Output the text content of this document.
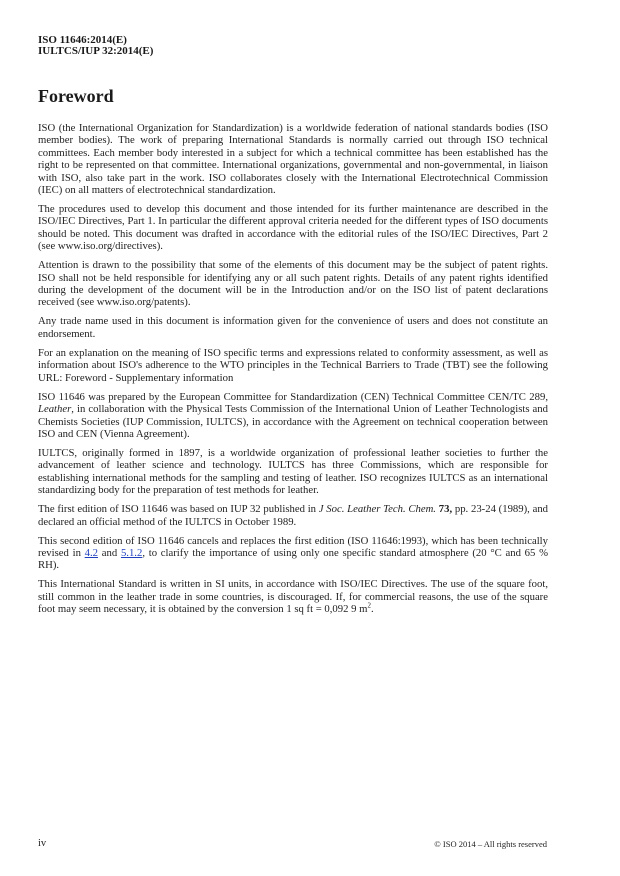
ISO 11646:2014(E)
IULTCS/IUP 32:2014(E)
Foreword

ISO (the International Organization for Standardization) is a worldwide federation of national standards bodies (ISO member bodies). The work of preparing International Standards is normally carried out through ISO technical committees. Each member body interested in a subject for which a technical committee has been established has the right to be represented on that committee. International organizations, governmental and non-governmental, in liaison with ISO, also take part in the work. ISO collaborates closely with the International Electrotechnical Commission (IEC) on all matters of electrotechnical standardization.

The procedures used to develop this document and those intended for its further maintenance are described in the ISO/IEC Directives, Part 1. In particular the different approval criteria needed for the different types of ISO documents should be noted. This document was drafted in accordance with the editorial rules of the ISO/IEC Directives, Part 2 (see www.iso.org/directives).

Attention is drawn to the possibility that some of the elements of this document may be the subject of patent rights. ISO shall not be held responsible for identifying any or all such patent rights. Details of any patent rights identified during the development of the document will be in the Introduction and/or on the ISO list of patent declarations received (see www.iso.org/patents).

Any trade name used in this document is information given for the convenience of users and does not constitute an endorsement.

For an explanation on the meaning of ISO specific terms and expressions related to conformity assessment, as well as information about ISO's adherence to the WTO principles in the Technical Barriers to Trade (TBT) see the following URL: Foreword - Supplementary information

ISO 11646 was prepared by the European Committee for Standardization (CEN) Technical Committee CEN/TC 289, Leather, in collaboration with the Physical Tests Commission of the International Union of Leather Technologists and Chemists Societies (IUP Commission, IULTCS), in accordance with the Agreement on technical cooperation between ISO and CEN (Vienna Agreement).

IULTCS, originally formed in 1897, is a worldwide organization of professional leather societies to further the advancement of leather science and technology. IULTCS has three Commissions, which are responsible for establishing international methods for the sampling and testing of leather. ISO recognizes IULTCS as an international standardizing body for the preparation of test methods for leather.

The first edition of ISO 11646 was based on IUP 32 published in J Soc. Leather Tech. Chem. 73, pp. 23-24 (1989), and declared an official method of the IULTCS in October 1989.

This second edition of ISO 11646 cancels and replaces the first edition (ISO 11646:1993), which has been technically revised in 4.2 and 5.1.2, to clarify the importance of using only one specific standard atmosphere (20 °C and 65 % RH).

This International Standard is written in SI units, in accordance with ISO/IEC Directives. The use of the square foot, still common in the leather trade in some countries, is discouraged. If, for commercial reasons, the use of the square foot may seem necessary, it is obtained by the conversion 1 sq ft = 0,092 9 $m^2$.

iv	© ISO 2014 – All rights reserved
